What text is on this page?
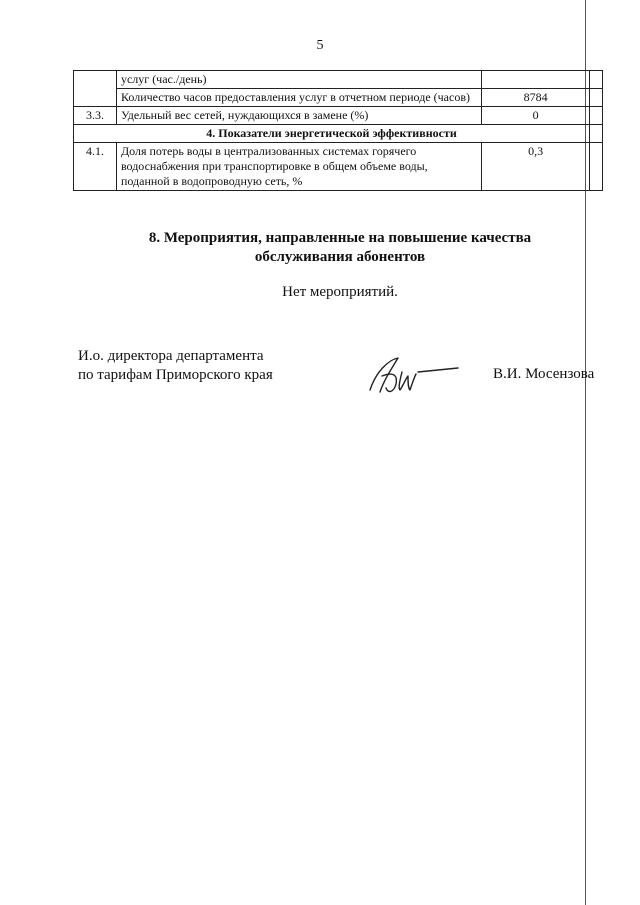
5
	услуг (час./день)		
	Количество часов предоставления услуг в отчетном периоде (часов)	8784	
3.3.	Удельный вес сетей, нуждающихся в замене (%)	0	
4. Показатели энергетической эффективности			
4.1.	Доля потерь воды в централизованных системах горячего водоснабжения при транспортировке в общем объеме воды, поданной в водопроводную сеть, %	0,3	
8. Мероприятия, направленные на повышение качества
обслуживания абонентов
Нет мероприятий.
И.о. директора департамента
по тарифам Приморского края	В.И. Мосензова
